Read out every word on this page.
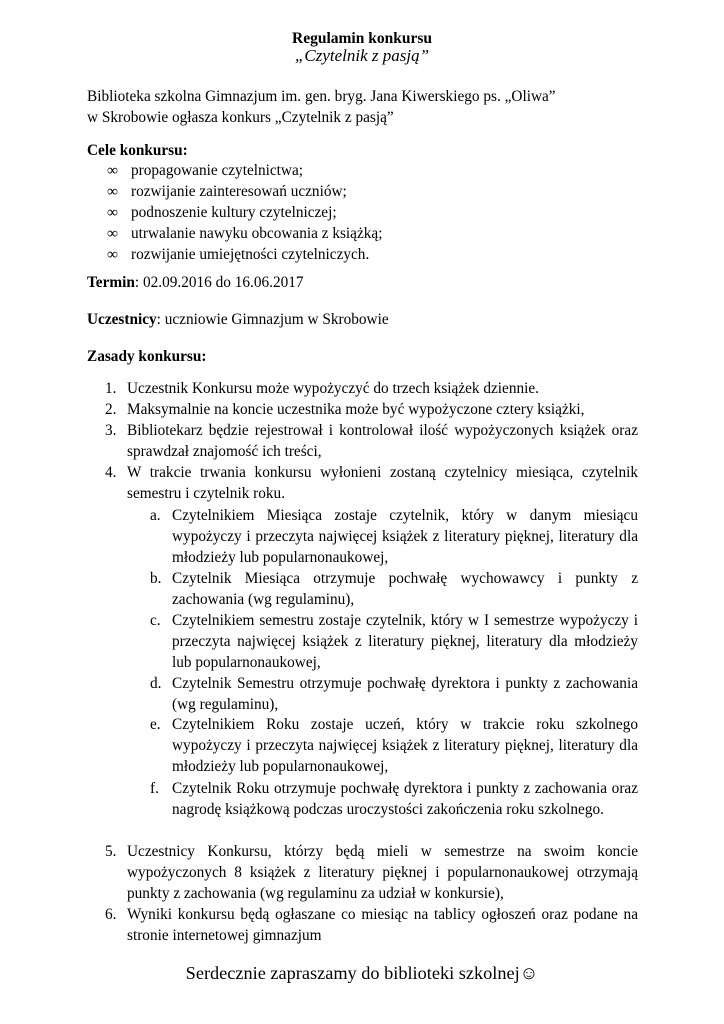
Regulamin konkursu
„Czytelnik z pasją”
Biblioteka szkolna Gimnazjum im. gen. bryg. Jana Kiwerskiego ps. „Oliwa”
w Skrobowie ogłasza konkurs „Czytelnik z pasją”
Cele konkursu:
∞ propagowanie czytelnictwa;
∞ rozwijanie zainteresowań uczniów;
∞ podnoszenie kultury czytelniczej;
∞ utrwalanie nawyku obcowania z książką;
∞ rozwijanie umiejętności czytelniczych.
Termin: 02.09.2016 do 16.06.2017
Uczestnicy: uczniowie Gimnazjum w Skrobowie
Zasady konkursu:
1. Uczestnik Konkursu może wypożyczyć do trzech książek dziennie.
2. Maksymalnie na koncie uczestnika może być wypożyczone cztery książki,
3. Bibliotekarz będzie rejestrował i kontrolował ilość wypożyczonych książek oraz sprawdzał znajomość ich treści,
4. W trakcie trwania konkursu wyłonieni zostaną czytelnicy miesiąca, czytelnik semestru i czytelnik roku.
a. Czytelnikiem Miesiąca zostaje czytelnik, który w danym miesiącu wypożyczy i przeczyta najwięcej książek z literatury pięknej, literatury dla młodzieży lub popularnonaukowej,
b. Czytelnik Miesiąca otrzymuje pochwałę wychowawcy i punkty z zachowania (wg regulaminu),
c. Czytelnikiem semestru zostaje czytelnik, który w I semestrze wypożyczy i przeczyta najwięcej książek z literatury pięknej, literatury dla młodzieży lub popularnonaukowej,
d. Czytelnik Semestru otrzymuje pochwałę dyrektora i punkty z zachowania (wg regulaminu),
e. Czytelnikiem Roku zostaje uczeń, który w trakcie roku szkolnego wypożyczy i przeczyta najwięcej książek z literatury pięknej, literatury dla młodzieży lub popularnonaukowej,
f. Czytelnik Roku otrzymuje pochwałę dyrektora i punkty z zachowania oraz nagrodę książkową podczas uroczystości zakończenia roku szkolnego.
5. Uczestnicy Konkursu, którzy będą mieli w semestrze na swoim koncie wypożyczonych 8 książek z literatury pięknej i popularnonaukowej otrzymają punkty z zachowania (wg regulaminu za udział w konkursie),
6. Wyniki konkursu będą ogłaszane co miesiąc na tablicy ogłoszeń oraz podane na stronie internetowej gimnazjum
Serdecznie zapraszamy do biblioteki szkolnej☺
